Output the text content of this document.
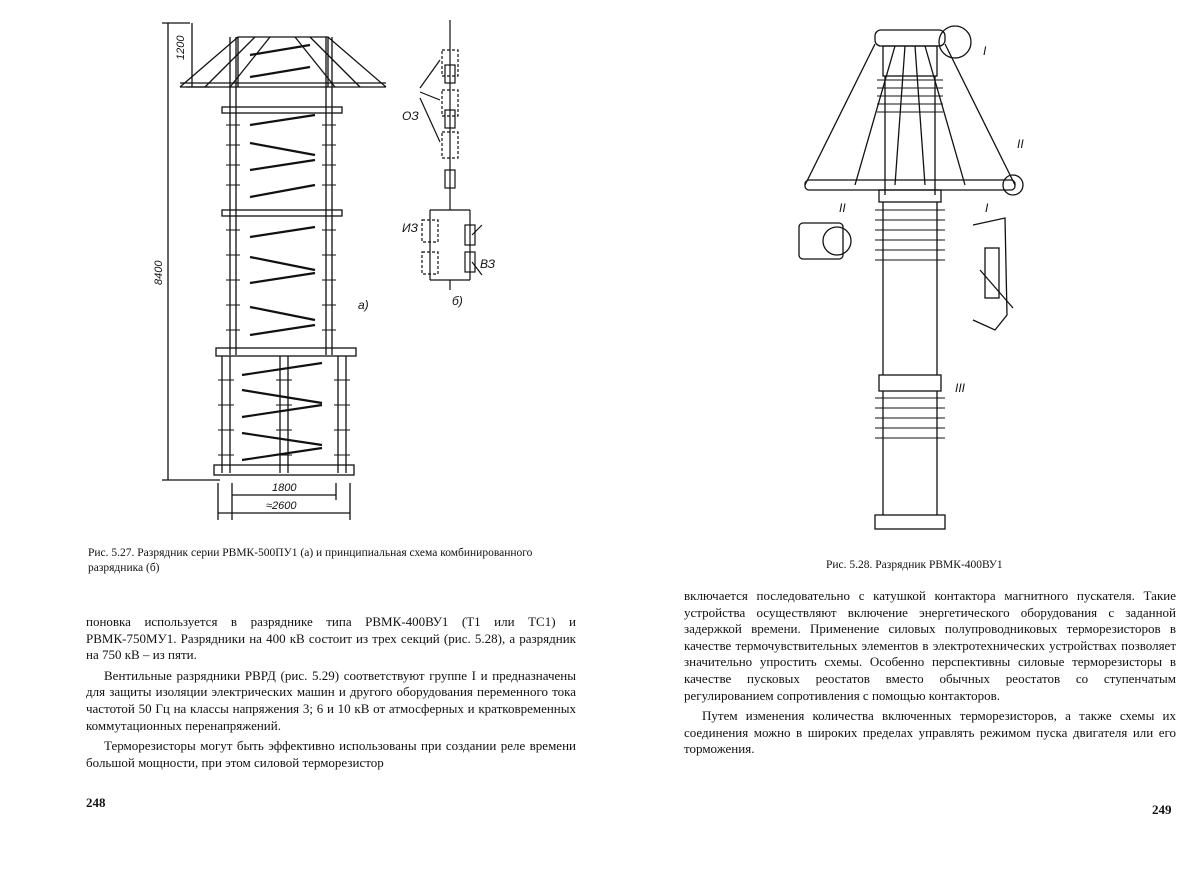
1200
8400
1800
≈2600
а)
ОЗ
ИЗ
ВЗ
б)
Рис. 5.27. Разрядник серии РВМК-500ПУ1 (а) и принципиальная схема комбинированного разрядника (б)

поновка используется в разряднике типа РВМК-400ВУ1 (Т1 или ТС1) и РВМК-750МУ1. Разрядники на 400 кВ состоит из трех секций (рис. 5.28), а разрядник на 750 кВ – из пяти.

Вентильные разрядники РВРД (рис. 5.29) соответствуют группе I и предназначены для защиты изоляции электрических машин и другого оборудования переменного тока частотой 50 Гц на классы напряжения 3; 6 и 10 кВ от атмосферных и кратковременных коммутационных перенапряжений.

Терморезисторы могут быть эффективно использованы при создании реле времени большой мощности, при этом силовой терморезистор

248
I
II
II	I
III
Рис. 5.28. Разрядник РВМК-400ВУ1

включается последовательно с катушкой контактора магнитного пускателя. Такие устройства осуществляют включение энергетического оборудования с заданной задержкой времени. Применение силовых полупроводниковых терморезисторов в качестве термочувствительных элементов в электротехнических устройствах позволяет значительно упростить схемы. Особенно перспективны силовые терморезисторы в качестве пусковых реостатов вместо обычных реостатов со ступенчатым регулированием сопротивления с помощью контакторов.

Путем изменения количества включенных терморезисторов, а также схемы их соединения можно в широких пределах управлять режимом пуска двигателя или его торможения.

249
